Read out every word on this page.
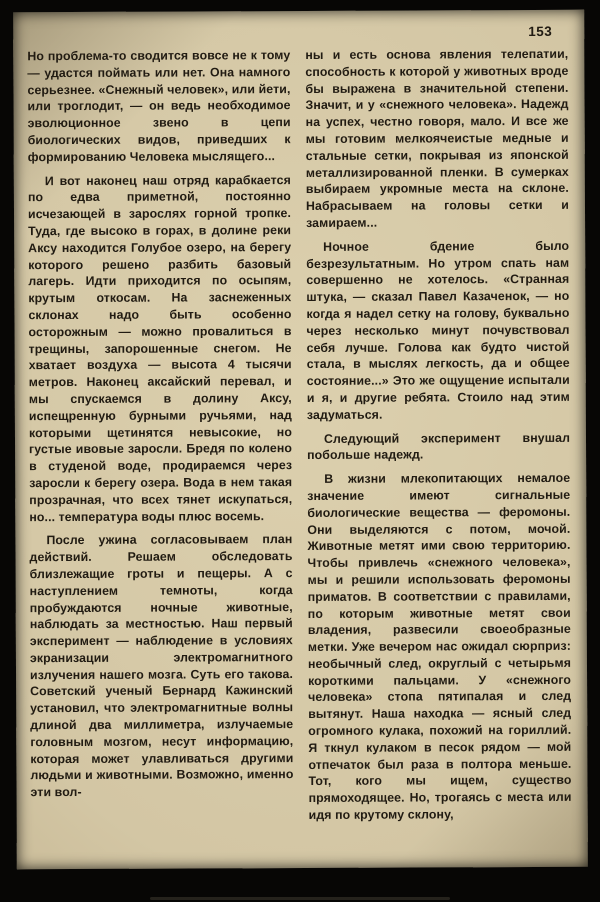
153

Но проблема-то сводится вовсе не к тому — удастся поймать или нет. Она намного серьезнее. «Снежный человек», или йети, или троглодит, — он ведь необходимое эволюционное звено в цепи биологических видов, приведших к формированию Человека мыслящего...

И вот наконец наш отряд карабкается по едва приметной, постоянно исчезающей в зарослях горной тропке. Туда, где высоко в горах, в долине реки Аксу находится Голубое озеро, на берегу которого решено разбить базовый лагерь. Идти приходится по осыпям, крутым откосам. На заснеженных склонах надо быть особенно осторожным — можно провалиться в трещины, запорошенные снегом. Не хватает воздуха — высота 4 тысячи метров. Наконец аксайский перевал, и мы спускаемся в долину Аксу, испещренную бурными ручьями, над которыми щетинятся невысокие, но густые ивовые заросли. Бредя по колено в студеной воде, продираемся через заросли к берегу озера. Вода в нем такая прозрачная, что всех тянет искупаться, но... температура воды плюс восемь.

После ужина согласовываем план действий. Решаем обследовать близлежащие гроты и пещеры. А с наступлением темноты, когда пробуждаются ночные животные, наблюдать за местностью. Наш первый эксперимент — наблюдение в условиях экранизации электромагнитного излучения нашего мозга. Суть его такова. Советский ученый Бернард Кажинский установил, что электромагнитные волны длиной два миллиметра, излучаемые головным мозгом, несут информацию, которая может улавливаться другими людьми и животными. Возможно, именно эти вол-

ны и есть основа явления телепатии, способность к которой у животных вроде бы выражена в значительной степени. Значит, и у «снежного человека». Надежд на успех, честно говоря, мало. И все же мы готовим мелкоячеистые медные и стальные сетки, покрывая из японской металлизированной пленки. В сумерках выбираем укромные места на склоне. Набрасываем на головы сетки и замираем...

Ночное бдение было безрезультатным. Но утром спать нам совершенно не хотелось. «Странная штука, — сказал Павел Казаченок, — но когда я надел сетку на голову, буквально через несколько минут почувствовал себя лучше. Голова как будто чистой стала, в мыслях легкость, да и общее состояние...» Это же ощущение испытали и я, и другие ребята. Стоило над этим задуматься.

Следующий эксперимент внушал побольше надежд.

В жизни млекопитающих немалое значение имеют сигнальные биологические вещества — феромоны. Они выделяются с потом, мочой. Животные метят ими свою территорию. Чтобы привлечь «снежного человека», мы и решили использовать феромоны приматов. В соответствии с правилами, по которым животные метят свои владения, развесили своеобразные метки. Уже вечером нас ожидал сюрприз: необычный след, округлый с четырьмя короткими пальцами. У «снежного человека» стопа пятипалая и след вытянут. Наша находка — ясный след огромного кулака, похожий на гориллий. Я ткнул кулаком в песок рядом — мой отпечаток был раза в полтора меньше. Тот, кого мы ищем, существо прямоходящее. Но, трогаясь с места или идя по крутому склону,
